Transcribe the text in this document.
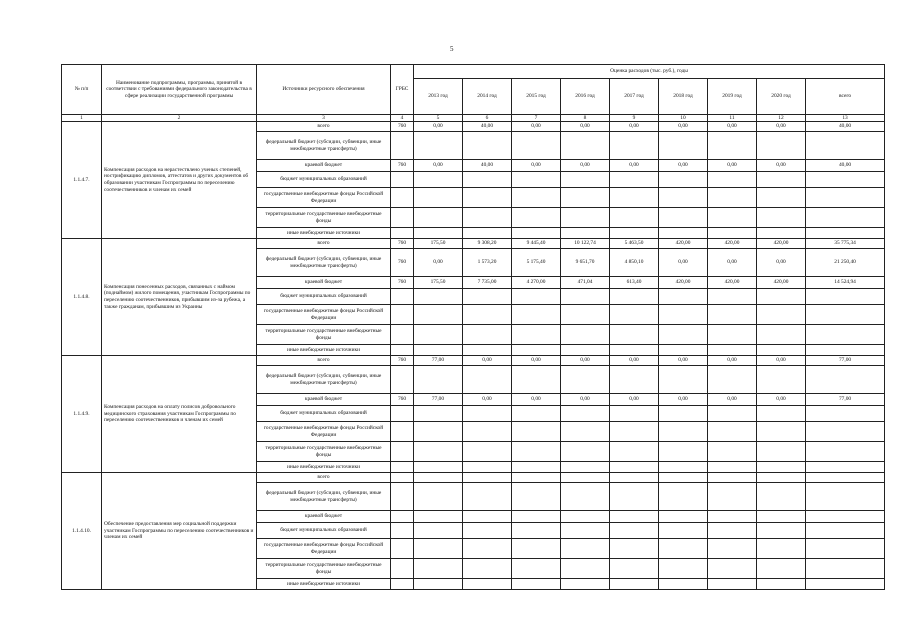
5
№ п/п	Наименование подпрограммы, программы, принятой в соответствии с требованиями федерального законодательства в сфере реализации государственной программы	Источники ресурсного обеспечения	ГРБС	Оценка расходов (тыс. руб.), годы								
				2013 год	2014 год	2015 год	2016 год	2017 год	2018 год	2019 год	2020 год	всего
1	2	3	4	5	6	7	8	9	10	11	12	13
1.1.4.7.	Компенсация расходов на нерастествлено ученых степеней, нострификацию дипломов, аттестатов и других документов об образовании участникам Госпрограммы по переселению соотечественников и членам их семей	всего	760	0,00	40,00	0,00	0,00	0,00	0,00	0,00	0,00	40,00
		федеральный бюджет (субсидии, субвенции, иные межбюджетные трансферты)										
		краевой бюджет	760	0,00	40,00	0,00	0,00	0,00	0,00	0,00	0,00	40,00
		бюджет муниципальных образований										
		государственные внебюджетные фонды Российской Федерации										
		территориальные государственные внебюджетные фонды										
		иные внебюджетные источники										
1.1.4.8.	Компенсация понесенных расходов, связанных с наймом (поднаймом) жилого помещения, участникам Госпрограммы по переселению соотечественников, прибывшим из-за рубежа, а также гражданам, прибывшим из Украины	всего	760	175,50	9 308,20	9 445,40	10 122,74	5 463,50	420,00	420,00	420,00	35 775,34
		федеральный бюджет (субсидии, субвенции, иные межбюджетные трансферты)	760	0,00	1 573,20	5 175,40	9 651,70	4 850,10	0,00	0,00	0,00	21 250,40
		краевой бюджет	760	175,50	7 735,00	4 270,00	471,04	613,40	420,00	420,00	420,00	14 524,94
		бюджет муниципальных образований										
		государственные внебюджетные фонды Российской Федерации										
		территориальные государственные внебюджетные фонды										
		иные внебюджетные источники										
1.1.4.9.	Компенсация расходов на оплату полисов добровольного медицинского страхования участникам Госпрограммы по переселению соотечественников и членам их семей	всего	760	77,00	0,00	0,00	0,00	0,00	0,00	0,00	0,00	77,00
		федеральный бюджет (субсидии, субвенции, иные межбюджетные трансферты)										
		краевой бюджет	760	77,00	0,00	0,00	0,00	0,00	0,00	0,00	0,00	77,00
		бюджет муниципальных образований										
		государственные внебюджетные фонды Российской Федерации										
		территориальные государственные внебюджетные фонды										
		иные внебюджетные источники										
1.1.4.10.	Обеспечение предоставления мер социальной поддержки участникам Госпрограммы по переселению соотечественников и членам их семей	всего										
		федеральный бюджет (субсидии, субвенции, иные межбюджетные трансферты)										
		краевой бюджет										
		бюджет муниципальных образований										
		государственные внебюджетные фонды Российской Федерации										
		территориальные государственные внебюджетные фонды										
		иные внебюджетные источники										
